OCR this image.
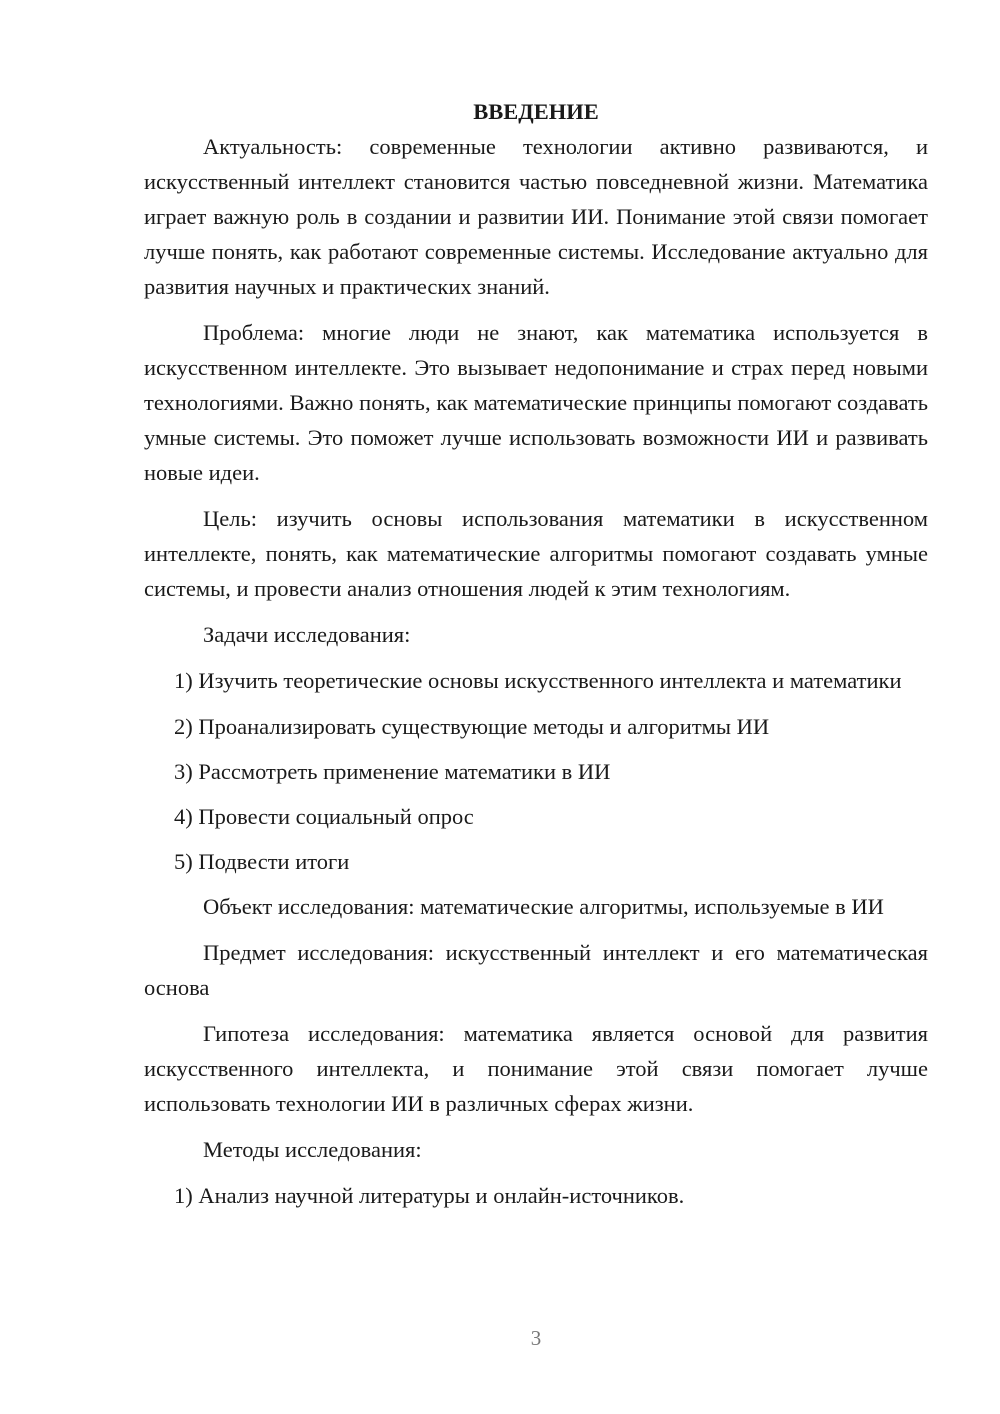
ВВЕДЕНИЕ

Актуальность: современные технологии активно развиваются, и искусственный интеллект становится частью повседневной жизни. Математика играет важную роль в создании и развитии ИИ. Понимание этой связи помогает лучше понять, как работают современные системы. Исследование актуально для развития научных и практических знаний.

Проблема: многие люди не знают, как математика используется в искусственном интеллекте. Это вызывает недопонимание и страх перед новыми технологиями. Важно понять, как математические принципы помогают создавать умные системы. Это поможет лучше использовать возможности ИИ и развивать новые идеи.

Цель: изучить основы использования математики в искусственном интеллекте, понять, как математические алгоритмы помогают создавать умные системы, и провести анализ отношения людей к этим технологиям.

Задачи исследования:

1) Изучить теоретические основы искусственного интеллекта и математики

2) Проанализировать существующие методы и алгоритмы ИИ

3) Рассмотреть применение математики в ИИ

4) Провести социальный опрос

5) Подвести итоги

Объект исследования: математические алгоритмы, используемые в ИИ

Предмет исследования: искусственный интеллект и его математическая основа

Гипотеза исследования: математика является основой для развития искусственного интеллекта, и понимание этой связи помогает лучше использовать технологии ИИ в различных сферах жизни.

Методы исследования:

1) Анализ научной литературы и онлайн-источников.

3
